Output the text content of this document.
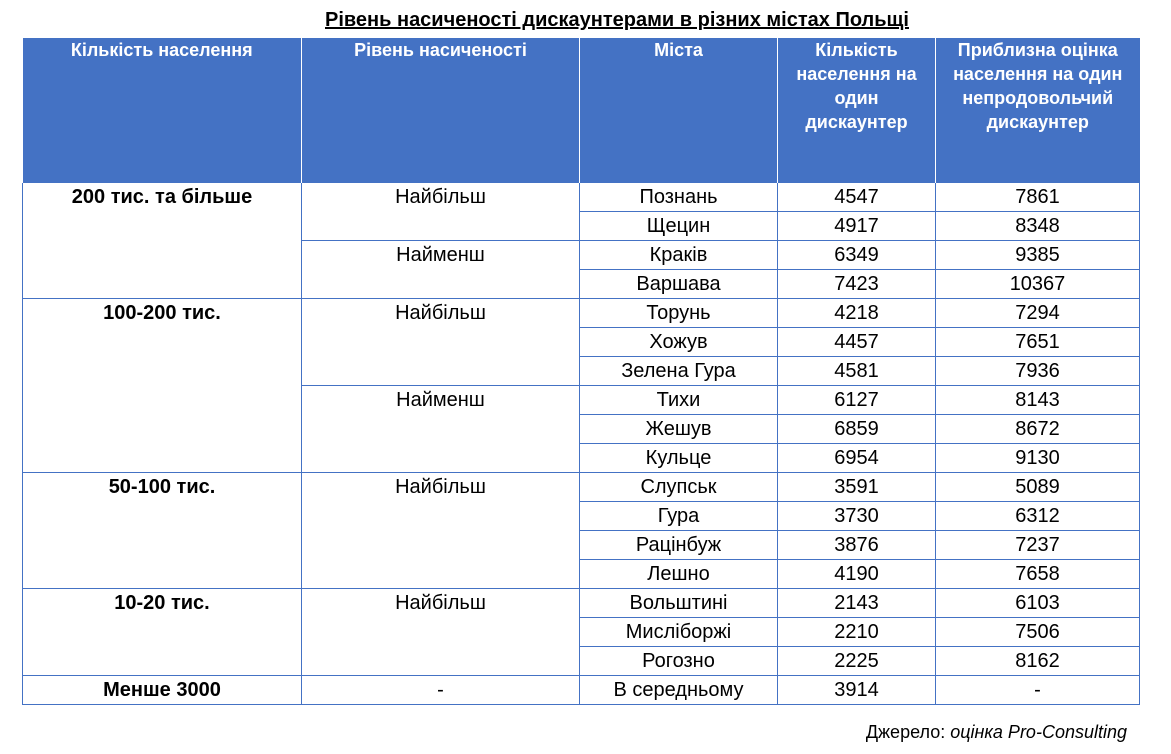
Рівень насиченості дискаунтерами в різних містах Польщі
Кількість населення	Рівень насиченості	Міста	Кількість населення на один дискаунтер	Приблизна оцінка населення на один непродовольчий дискаунтер
200 тис. та більше	Найбільш	Познань	4547	7861
		Щецин	4917	8348
	Найменш	Краків	6349	9385
		Варшава	7423	10367
100-200 тис.	Найбільш	Торунь	4218	7294
		Хожув	4457	7651
		Зелена Гура	4581	7936
	Найменш	Тихи	6127	8143
		Жешув	6859	8672
		Кульце	6954	9130
50-100 тис.	Найбільш	Слупськ	3591	5089
		Гура	3730	6312
		Рацінбуж	3876	7237
		Лешно	4190	7658
10-20 тис.	Найбільш	Вольштині	2143	6103
		Мисліборжі	2210	7506
		Рогозно	2225	8162
Менше 3000	-	В середньому	3914	-
Джерело: оцінка Pro-Consulting
